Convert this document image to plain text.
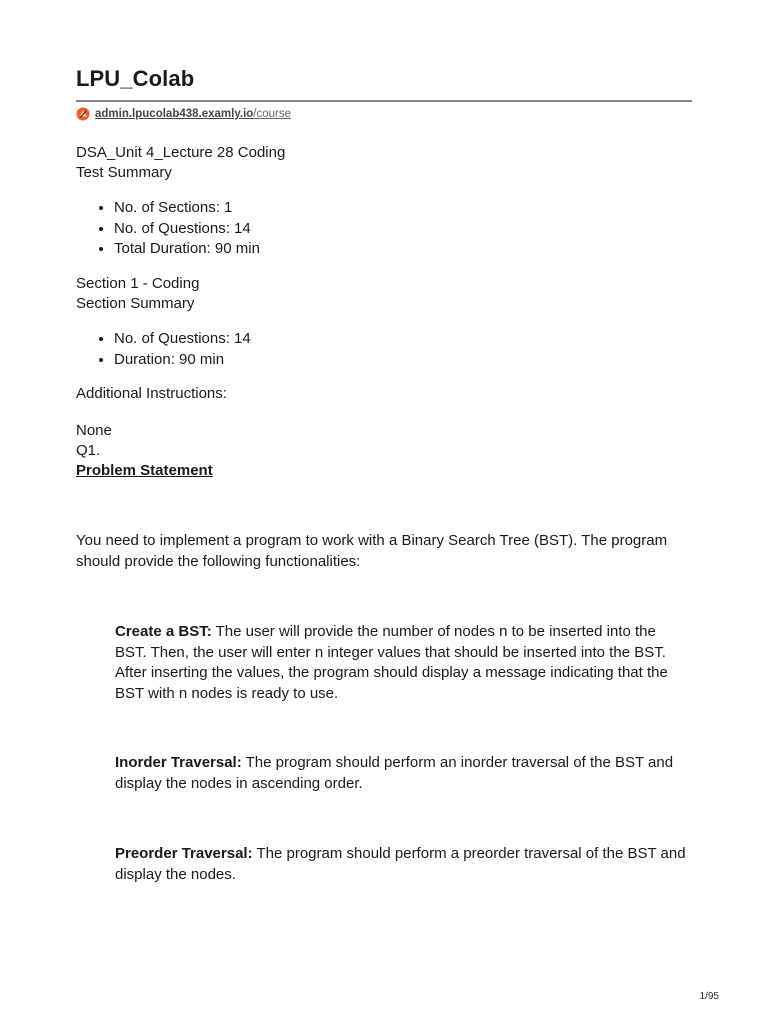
LPU_Colab
admin.lpucolab438.examly.io /course

DSA_Unit 4_Lecture 28 Coding

Test Summary

• No. of Sections: 1
• No. of Questions: 14
• Total Duration: 90 min

Section 1 - Coding

Section Summary

• No. of Questions: 14
• Duration: 90 min

Additional Instructions:

None

Q1.

Problem Statement

You need to implement a program to work with a Binary Search Tree (BST). The program should provide the following functionalities:

Create a BST: The user will provide the number of nodes n to be inserted into the BST. Then, the user will enter n integer values that should be inserted into the BST. After inserting the values, the program should display a message indicating that the BST with n nodes is ready to use.

Inorder Traversal: The program should perform an inorder traversal of the BST and display the nodes in ascending order.

Preorder Traversal: The program should perform a preorder traversal of the BST and display the nodes.

1/95
